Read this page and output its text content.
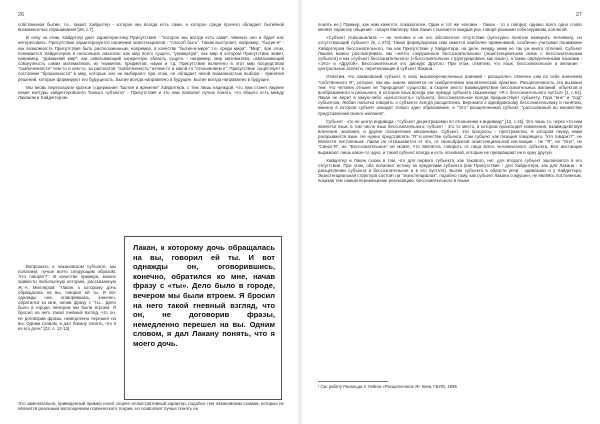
26

собственном бытии, т.е., пишет Хайдеггер - которое мы всегда есть сами, и которое среди прочего обладает бытийной возможностью спрашивания [28, с.7].

В силу за этим, Хайдеггер дает характеристику Присутствия - "которое мы всегда есть сами". Именно оно и будет нас интересовать. Присутствие характеризуется наличием экзистенциалов - "способ быть". Таким выступает, например, "бытие-в" - как возможность Присутствия быть расположенным, например, в качестве "бытия-в-мире" т.е. среди мира". "Мир", при этом, понимается Хайдеггером в нескольких смыслах: как мир всего сущего, "универсум", как мир в котором Присутствие живет, например, "домашний мир"; как охватывающий конкретную область сущего - например, мир математика; охватывающий совокупность самих математиков, их терминов, предметов, науки и т.д. Присутствие включено в этот мир посредством "озабоченности" чем-то и кем-то, за расплатой "озабоченность" нечем-то и какой-то "отношением к". Присутствие существует в состоянии "брошенности" в мир, которые оно не выбирало; при этом, он обладает некой возможностью выбора - принятия решений, которые формируют его будущность. Бытие всегда направлено в будущее. Бытие всегда направлено в будущее.

Мы вновь пересказали краткое содержание "Бытия и времени" Хайдеггера, с тем лишь надеждой, что нам станет виднее некие контуры хайдеггеровского Тонкого субъекта" - Присутствия и это нам позволит лучше понять, что общего есть между Лаканом и Хайдеггером.

Вопрошать о лакановском субъекте, мы полагаем, лучше всего следующим образом: "кто говорит?". В качестве примера, можно привести любопытную историю, рассказанную Ж.-А. Миллером: "Лакан, к которому дочь обращалась на вы, говорил ей ты. И вот однажды она, оговорившись, конечно, обратился ко мне, начав фразу с "ты... Дело было в городе, вечером мы были втроем. Я бросил на него такой гневный взгляд, что он, не договорив фразы, немедленно перешел на вы. Одним словом, в дал Лакану понять, что я из его дочь" [22, с. 12-13].

Это замечательно, приведенный пример носит скорее иллюстративный характер, подобно тем лакановским схемам, которые не являются реальным воплощением психического теории, но позволяют лучше понять ее.

Лакан, к которому дочь обращалась на вы, говорил ей ты. И вот однажды он, оговорившись, конечно, обратился ко мне, начав фразу с «ты». Дело было в городе, вечером мы были втроем. Я бросил на него такой гневный взгляд, что он, не договорив фразы, немедленно перешел на вы. Одним словом, я дал Лакану понять, что я моего дочь.
27

понять ее.) Пример, как нам кажется, показателен. Один и тот же человек - Лакан - то о говорит, однако всего одно слово меняет характер общения - говоря Миллеру. Кем Лакан становится каждый раз, говоря разными собеседникам, коллегой.

«Субъект психоанализа — не человек и не его абсолютное отсутствие (культурно понятие измерить человека), но отсутствующий субъект» [9, с.374]. Такая формулировка нам кажется наиболее применимой, особенно учитывая понимание Хайдеггером бессознательного, так как Присутствие у Хайдеггера, на деле, между ними не так уж много отличий. Субъект Лакана можно рассматривать как «нечто сокрушенное бессознательным» (экзистенциальная связь с бессознательным субъекта) и как «субъект бессознательного» («бессознательное структурировано как язык»), а также определенными языками - «Это» и «Другой». Бессознательное это дискурс Другого. При этом, отметим, что язык, бессознательное и желание - центральные аспекты, перетекающие в субъект Лакана.

Отметим, что лакановский субъект, в силу вышеперечисленных влияний - расщеплен, отмечен сам по себе наличием "собственного Я", которое, как мы знаем, является не изобретением аналитической практики. Расщепленность эта вызвана тем, что человек отныне не "природное" существо, а скорее место взаимодействия бессознательных желаний, объектов и воображаемого и реального, в котором язык всегда уже прежде субъекта сказанному: «Я с бессознательного пусты!» [1, с.51]. Лакан не верит в какую-либо «целостность» субъекта; бессознательное всегда предшествует субъекту, Гора "вне" и "под" субъектом. Любая попытка говорить о субъекте всегда расщеплена. Вернемся к фрейдовскому бессознательному и понятию, именно в котором субъект находит только одно образование, и "Это" расщепленный субъект, "рассыпанный во множестве представлений своего желания".

Субъект - это не центр индивида - "субъект децентрирован по отношению к индивиду" [12, с.15]. Это лишь то, через что нам является язык, в том числе язык бессознательного; субъект - это то место, в котором происходят изменения, взаимодействуя влечения, желания, и другие психические механизмы. Субъект, эти процессы - пространство, в котором перед нами раскрывается язык. Не нужно представлять "Я" в качестве субъекта. Сам субъект как позиция говорящего, "кто говорит?", не является постоянным. Лакан не отказывается от эго, от своеобразной экзистенциальной инстанции - не "Я", не "Оно", не "Сверх-Я", не "Бессознательное" не может, что является, говорить от лица всего человеческого субъекта. Все инстанции выражают лишь какое-то одно, и такой субъект всегда и есть основной, которые не превращают ни в одну другую.

Хайдеггер и Лакан схожи в том, что для первого субъекта, как такового, нет, для второго субъект заключается в его отсутствии. При этом, оба полагают истину за пределами субъекта (как Присутствие - для Хайдеггера, как для Лакана - в расщеплении субъекта в бессознательное и в его пустоте). Бытие субъекта в области речи - одинаково и у Хайдеггера. Экзистенциальная структура состоит на "экзистенциалах", подобно тому, как субъект Лакана сокрушен, не являясь постоянным, показав тем самым перемещение реализацию, бессознательного в языке.

¹ См. работу Рональда У. Лейнга «Расщепленное Я» Киев, ГБУЮ, 1995
